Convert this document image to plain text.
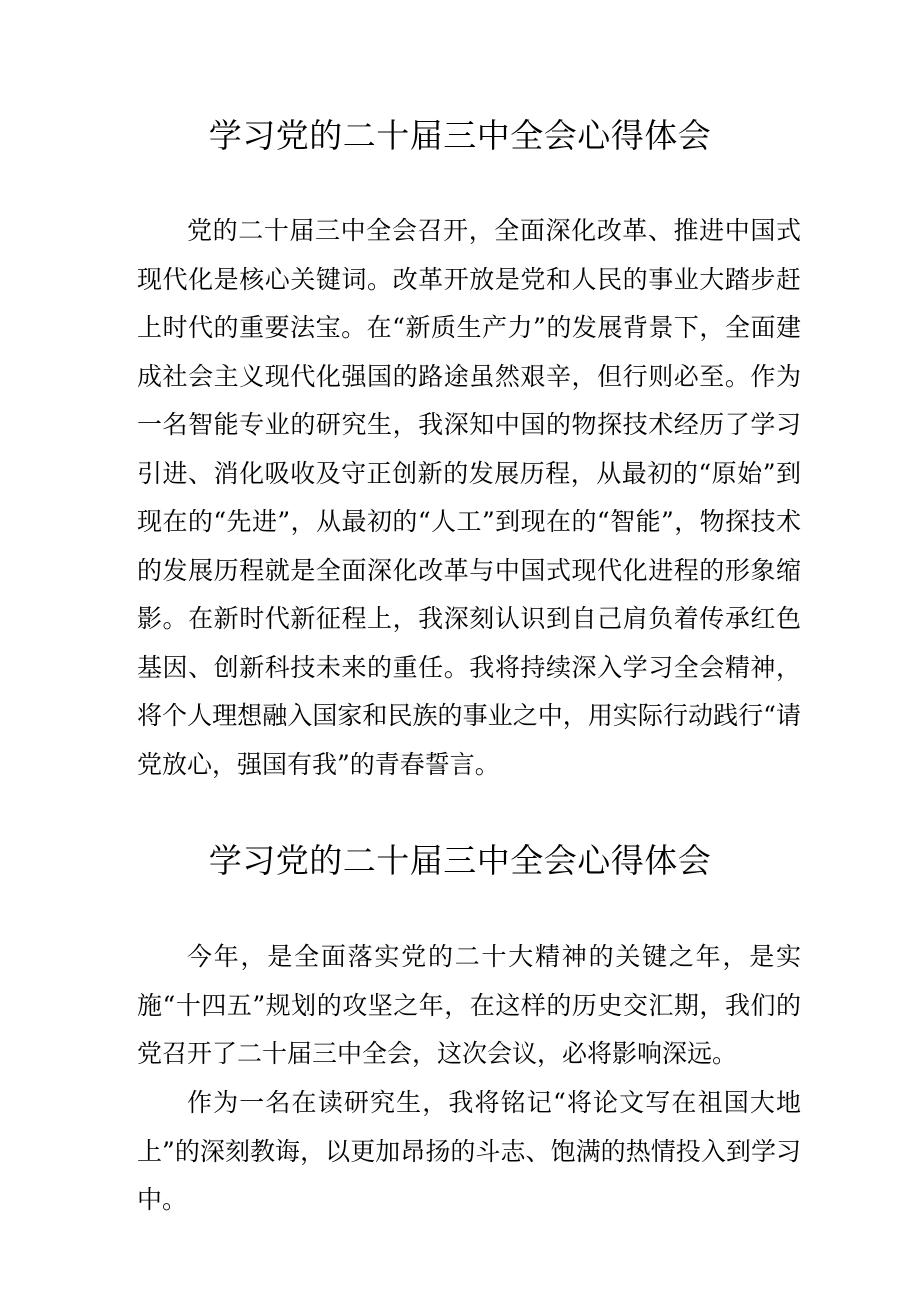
学习党的二十届三中全会心得体会

党的二十届三中全会召开，全面深化改革、推进中国式现代化是核心关键词。改革开放是党和人民的事业大踏步赶上时代的重要法宝。在“新质生产力”的发展背景下，全面建成社会主义现代化强国的路途虽然艰辛，但行则必至。作为一名智能专业的研究生，我深知中国的物探技术经历了学习引进、消化吸收及守正创新的发展历程，从最初的“原始”到现在的“先进”，从最初的“人工”到现在的“智能”，物探技术的发展历程就是全面深化改革与中国式现代化进程的形象缩影。在新时代新征程上，我深刻认识到自己肩负着传承红色基因、创新科技未来的重任。我将持续深入学习全会精神，将个人理想融入国家和民族的事业之中，用实际行动践行“请党放心，强国有我”的青春誓言。

学习党的二十届三中全会心得体会

今年，是全面落实党的二十大精神的关键之年，是实施“十四五”规划的攻坚之年，在这样的历史交汇期，我们的党召开了二十届三中全会，这次会议，必将影响深远。

作为一名在读研究生，我将铭记“将论文写在祖国大地上”的深刻教诲，以更加昂扬的斗志、饱满的热情投入到学习中。
